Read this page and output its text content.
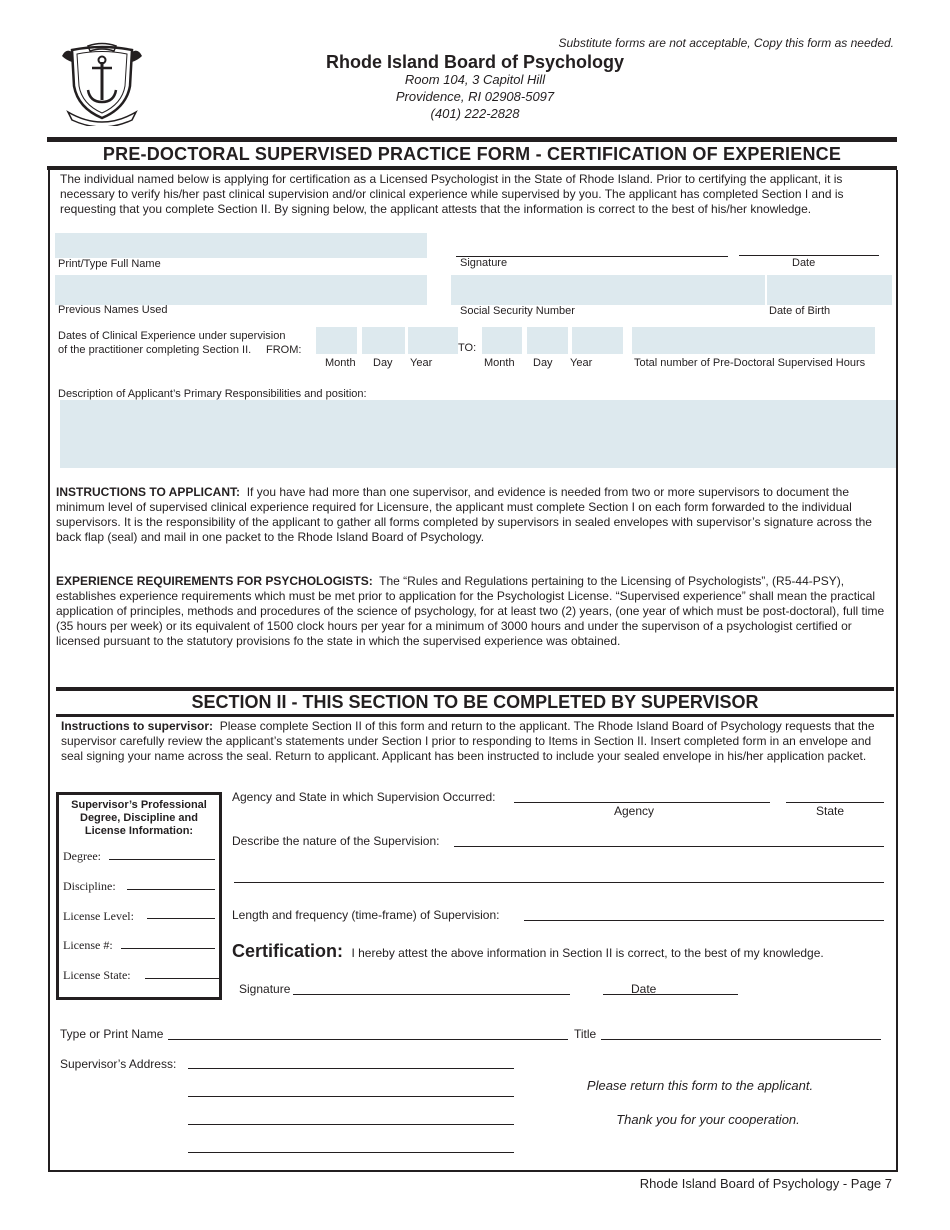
Substitute forms are not acceptable, Copy this form as needed.
Rhode Island Board of Psychology
Room 104, 3 Capitol Hill
Providence, RI 02908-5097
(401) 222-2828
PRE-DOCTORAL SUPERVISED PRACTICE FORM - CERTIFICATION OF EXPERIENCE
The individual named below is applying for certification as a Licensed Psychologist in the State of Rhode Island. Prior to certifying the applicant, it is necessary to verify his/her past clinical supervision and/or clinical experience while supervised by you. The applicant has completed Section I and is requesting that you complete Section II. By signing below, the applicant attests that the information is correct to the best of his/her knowledge.
Print/Type Full Name	Signature	Date
Previous Names Used	Social Security Number	Date of Birth
Dates of Clinical Experience under supervision
of the practitioner completing Section II. FROM:
Month Day Year
TO:
Month Day Year	Total number of Pre-Doctoral Supervised Hours
Description of Applicant’s Primary Responsibilities and position:
INSTRUCTIONS TO APPLICANT: If you have had more than one supervisor, and evidence is needed from two or more supervisors to document the minimum level of supervised clinical experience required for Licensure, the applicant must complete Section I on each form forwarded to the individual supervisors. It is the responsibility of the applicant to gather all forms completed by supervisors in sealed envelopes with supervisor’s signature across the back flap (seal) and mail in one packet to the Rhode Island Board of Psychology.
EXPERIENCE REQUIREMENTS FOR PSYCHOLOGISTS: The “Rules and Regulations pertaining to the Licensing of Psychologists”, (R5-44-PSY), establishes experience requirements which must be met prior to application for the Psychologist License. “Supervised experience” shall mean the practical application of principles, methods and procedures of the science of psychology, for at least two (2) years, (one year of which must be post-doctoral), full time (35 hours per week) or its equivalent of 1500 clock hours per year for a minimum of 3000 hours and under the supervison of a psychologist certified or licensed pursuant to the statutory provisions fo the state in which the supervised experience was obtained.
SECTION II - THIS SECTION TO BE COMPLETED BY SUPERVISOR
Instructions to supervisor: Please complete Section II of this form and return to the applicant. The Rhode Island Board of Psychology requests that the supervisor carefully review the applicant’s statements under Section I prior to responding to Items in Section II. Insert completed form in an envelope and seal signing your name across the seal. Return to applicant. Applicant has been instructed to include your sealed envelope in his/her application packet.
Supervisor’s Professional Degree, Discipline and License Information:
Degree:
Discipline:
License Level:
License #:
License State:
Agency and State in which Supervision Occurred:
Agency	State
Describe the nature of the Supervision:
Length and frequency (time-frame) of Supervision:
Certification: I hereby attest the above information in Section II is correct, to the best of my knowledge.
Signature	Date
Type or Print Name	Title
Supervisor’s Address:
Please return this form to the applicant.
Thank you for your cooperation.
Rhode Island Board of Psychology - Page 7
